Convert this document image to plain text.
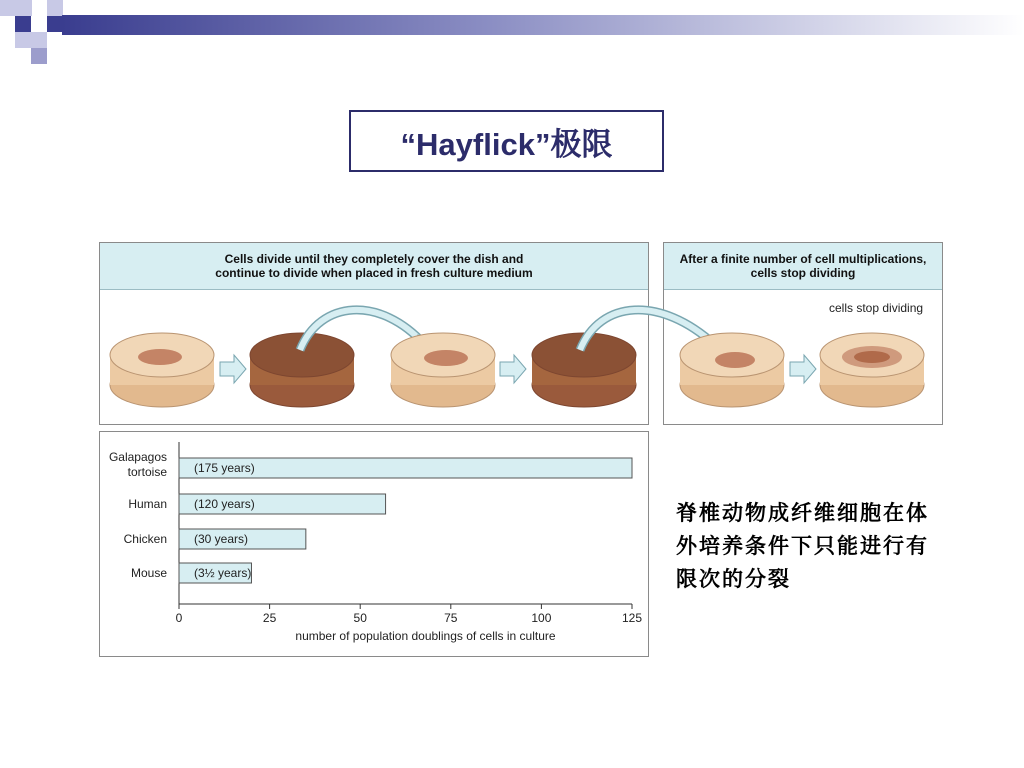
“Hayflick”极限
Cells divide until they completely cover the dish and continue to divide when placed in fresh culture medium
After a finite number of cell multiplications, cells stop dividing
cells stop dividing
(175 years)
Galapagos
tortoise
(120 years)
Human
(30 years)
Chicken
(3½ years)
Mouse
0	25	50	75	100	125
number of population doublings of cells in culture
脊椎动物成纤维细胞在体外培养条件下只能进行有限次的分裂
